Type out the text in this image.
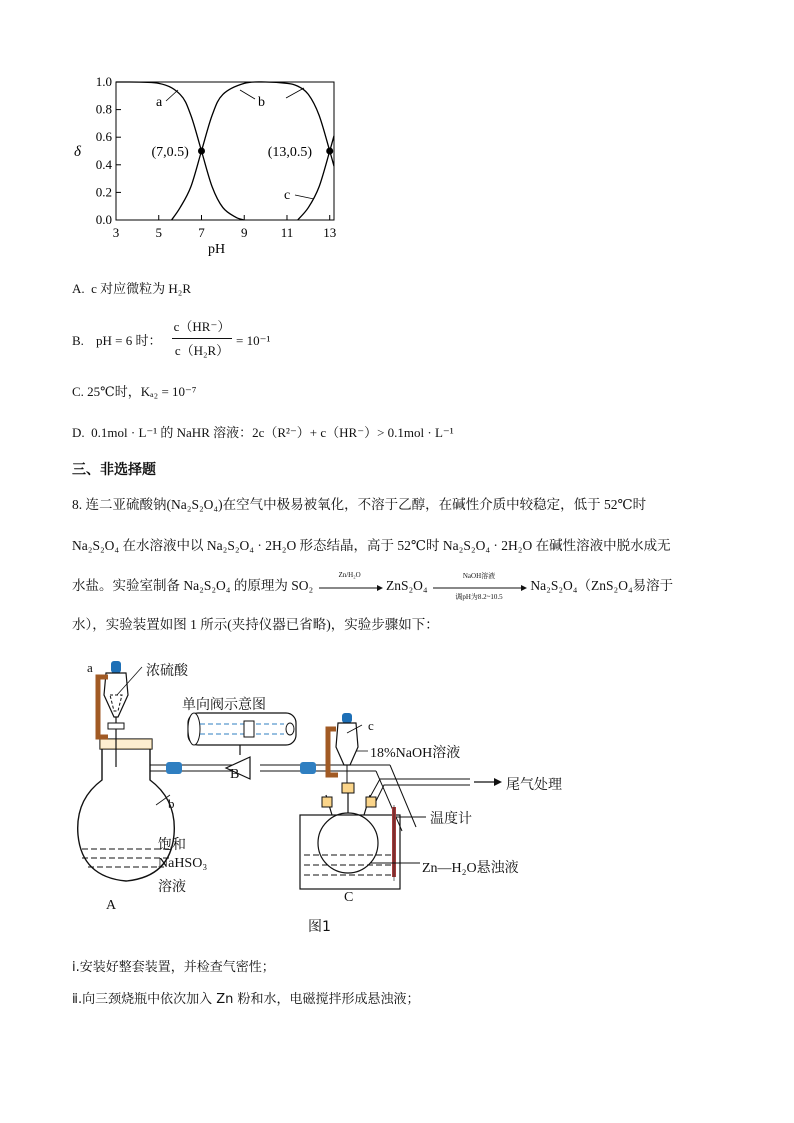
0.0
0.2
0.4
0.6
0.8
1.0
3	5	7	9	11 13
(7,0.5)	(13,0.5)
δ
pH
a	b
c
A. c 对应微粒为 H₂R
B. pH = 6 时：
c（HR⁻）
c（H₂R）
= 10⁻¹
C. 25℃时，Kₐ₂ = 10⁻⁷
D. 0.1mol · L⁻¹ 的 NaHR 溶液：2c（R²⁻）+ c（HR⁻）> 0.1mol · L⁻¹
三、非选择题
8. 连二亚硫酸钠(Na₂S₂O₄)在空气中极易被氧化，不溶于乙醇，在碱性介质中较稳定，低于 52℃时
Na₂S₂O₄ 在水溶液中以 Na₂S₂O₄ · 2H₂O 形态结晶，高于 52℃时 Na₂S₂O₄ · 2H₂O 在碱性溶液中脱水成无
水盐。实验室制备 Na₂S₂O₄ 的原理为 SO₂
Zn/H₂O
ZnS₂O₄
NaOH溶液
调pH为8.2~10.5
Na₂S₂O₄（ZnS₂O₄易溶于
水），实验装置如图 1 所示(夹持仪器已省略)，实验步骤如下：
a	浓硫酸
单向阀示意图
b
B
c
18%NaOH溶液
尾气处理
温度计
饱和
NaHSO₃
溶液
Zn—H₂O悬浊液
A
C
图1
ⅰ.安装好整套装置，并检查气密性；
ⅱ.向三颈烧瓶中依次加入 Zn 粉和水，电磁搅拌形成悬浊液；
